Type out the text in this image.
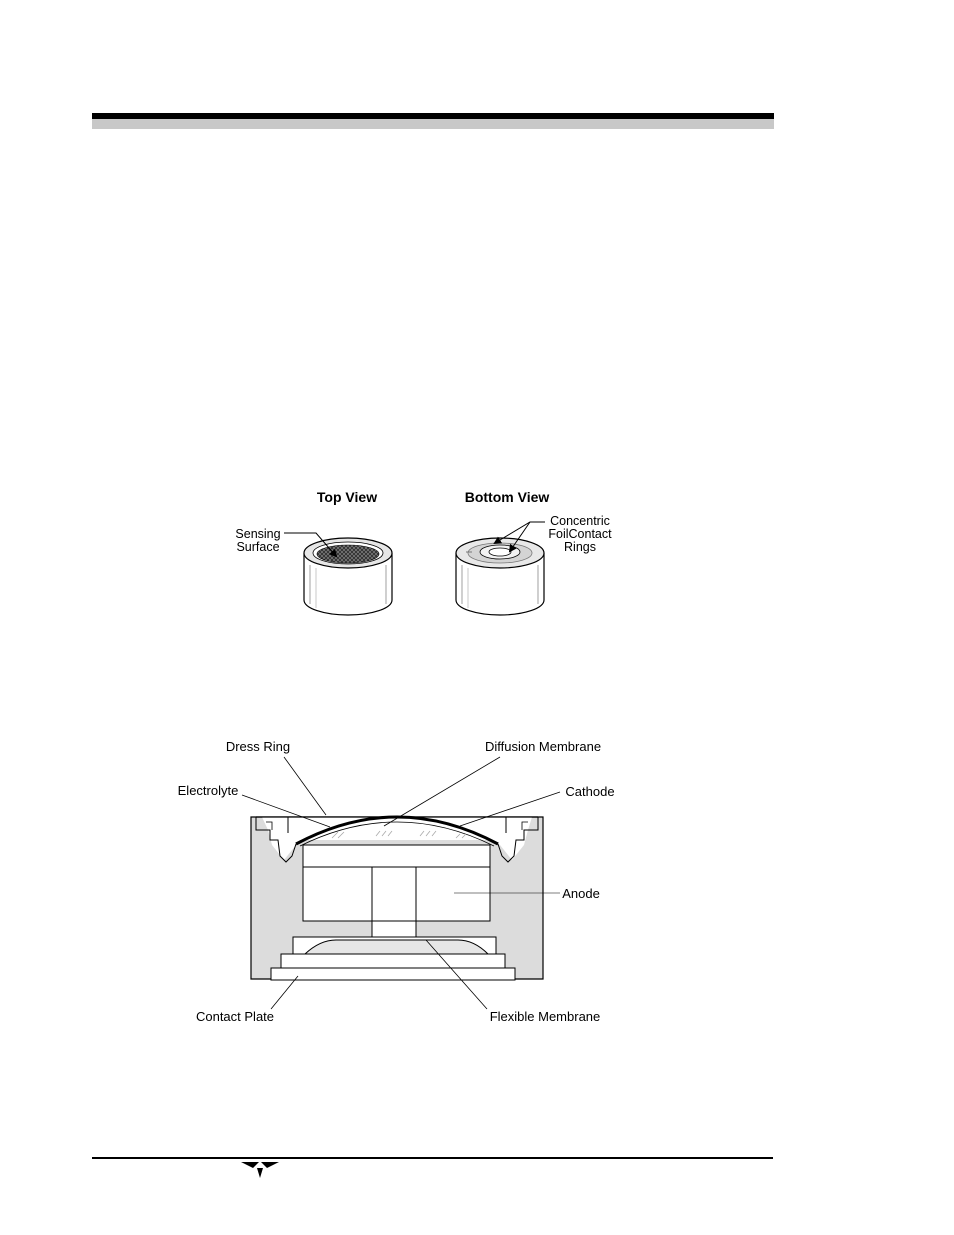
Top View	Bottom View
Sensing
Surface
Concentric
FoilContact
Rings
Dress Ring	Diffusion Membrane
Electrolyte	Cathode
Anode
Contact Plate	Flexible Membrane
